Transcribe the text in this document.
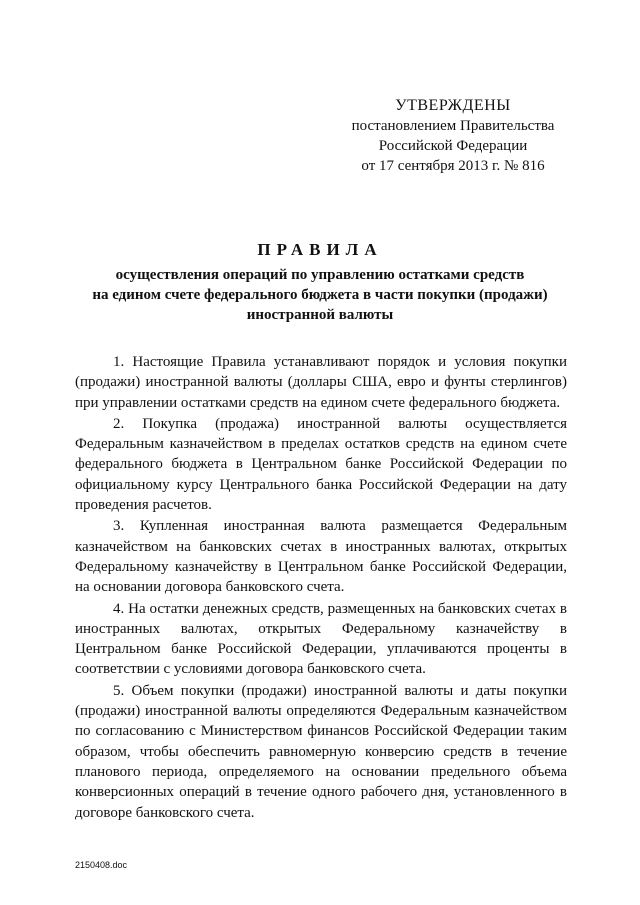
УТВЕРЖДЕНЫ
постановлением Правительства
Российской Федерации
от 17 сентября 2013 г. № 816
ПРАВИЛА
осуществления операций по управлению остатками средств
на едином счете федерального бюджета в части покупки (продажи)
иностранной валюты

1. Настоящие Правила устанавливают порядок и условия покупки (продажи) иностранной валюты (доллары США, евро и фунты стерлингов) при управлении остатками средств на едином счете федерального бюджета.

2. Покупка (продажа) иностранной валюты осуществляется Федеральным казначейством в пределах остатков средств на едином счете федерального бюджета в Центральном банке Российской Федерации по официальному курсу Центрального банка Российской Федерации на дату проведения расчетов.

3. Купленная иностранная валюта размещается Федеральным казначейством на банковских счетах в иностранных валютах, открытых Федеральному казначейству в Центральном банке Российской Федерации, на основании договора банковского счета.

4. На остатки денежных средств, размещенных на банковских счетах в иностранных валютах, открытых Федеральному казначейству в Центральном банке Российской Федерации, уплачиваются проценты в соответствии с условиями договора банковского счета.

5. Объем покупки (продажи) иностранной валюты и даты покупки (продажи) иностранной валюты определяются Федеральным казначейством по согласованию с Министерством финансов Российской Федерации таким образом, чтобы обеспечить равномерную конверсию средств в течение планового периода, определяемого на основании предельного объема конверсионных операций в течение одного рабочего дня, установленного в договоре банковского счета.

2150408.doc
